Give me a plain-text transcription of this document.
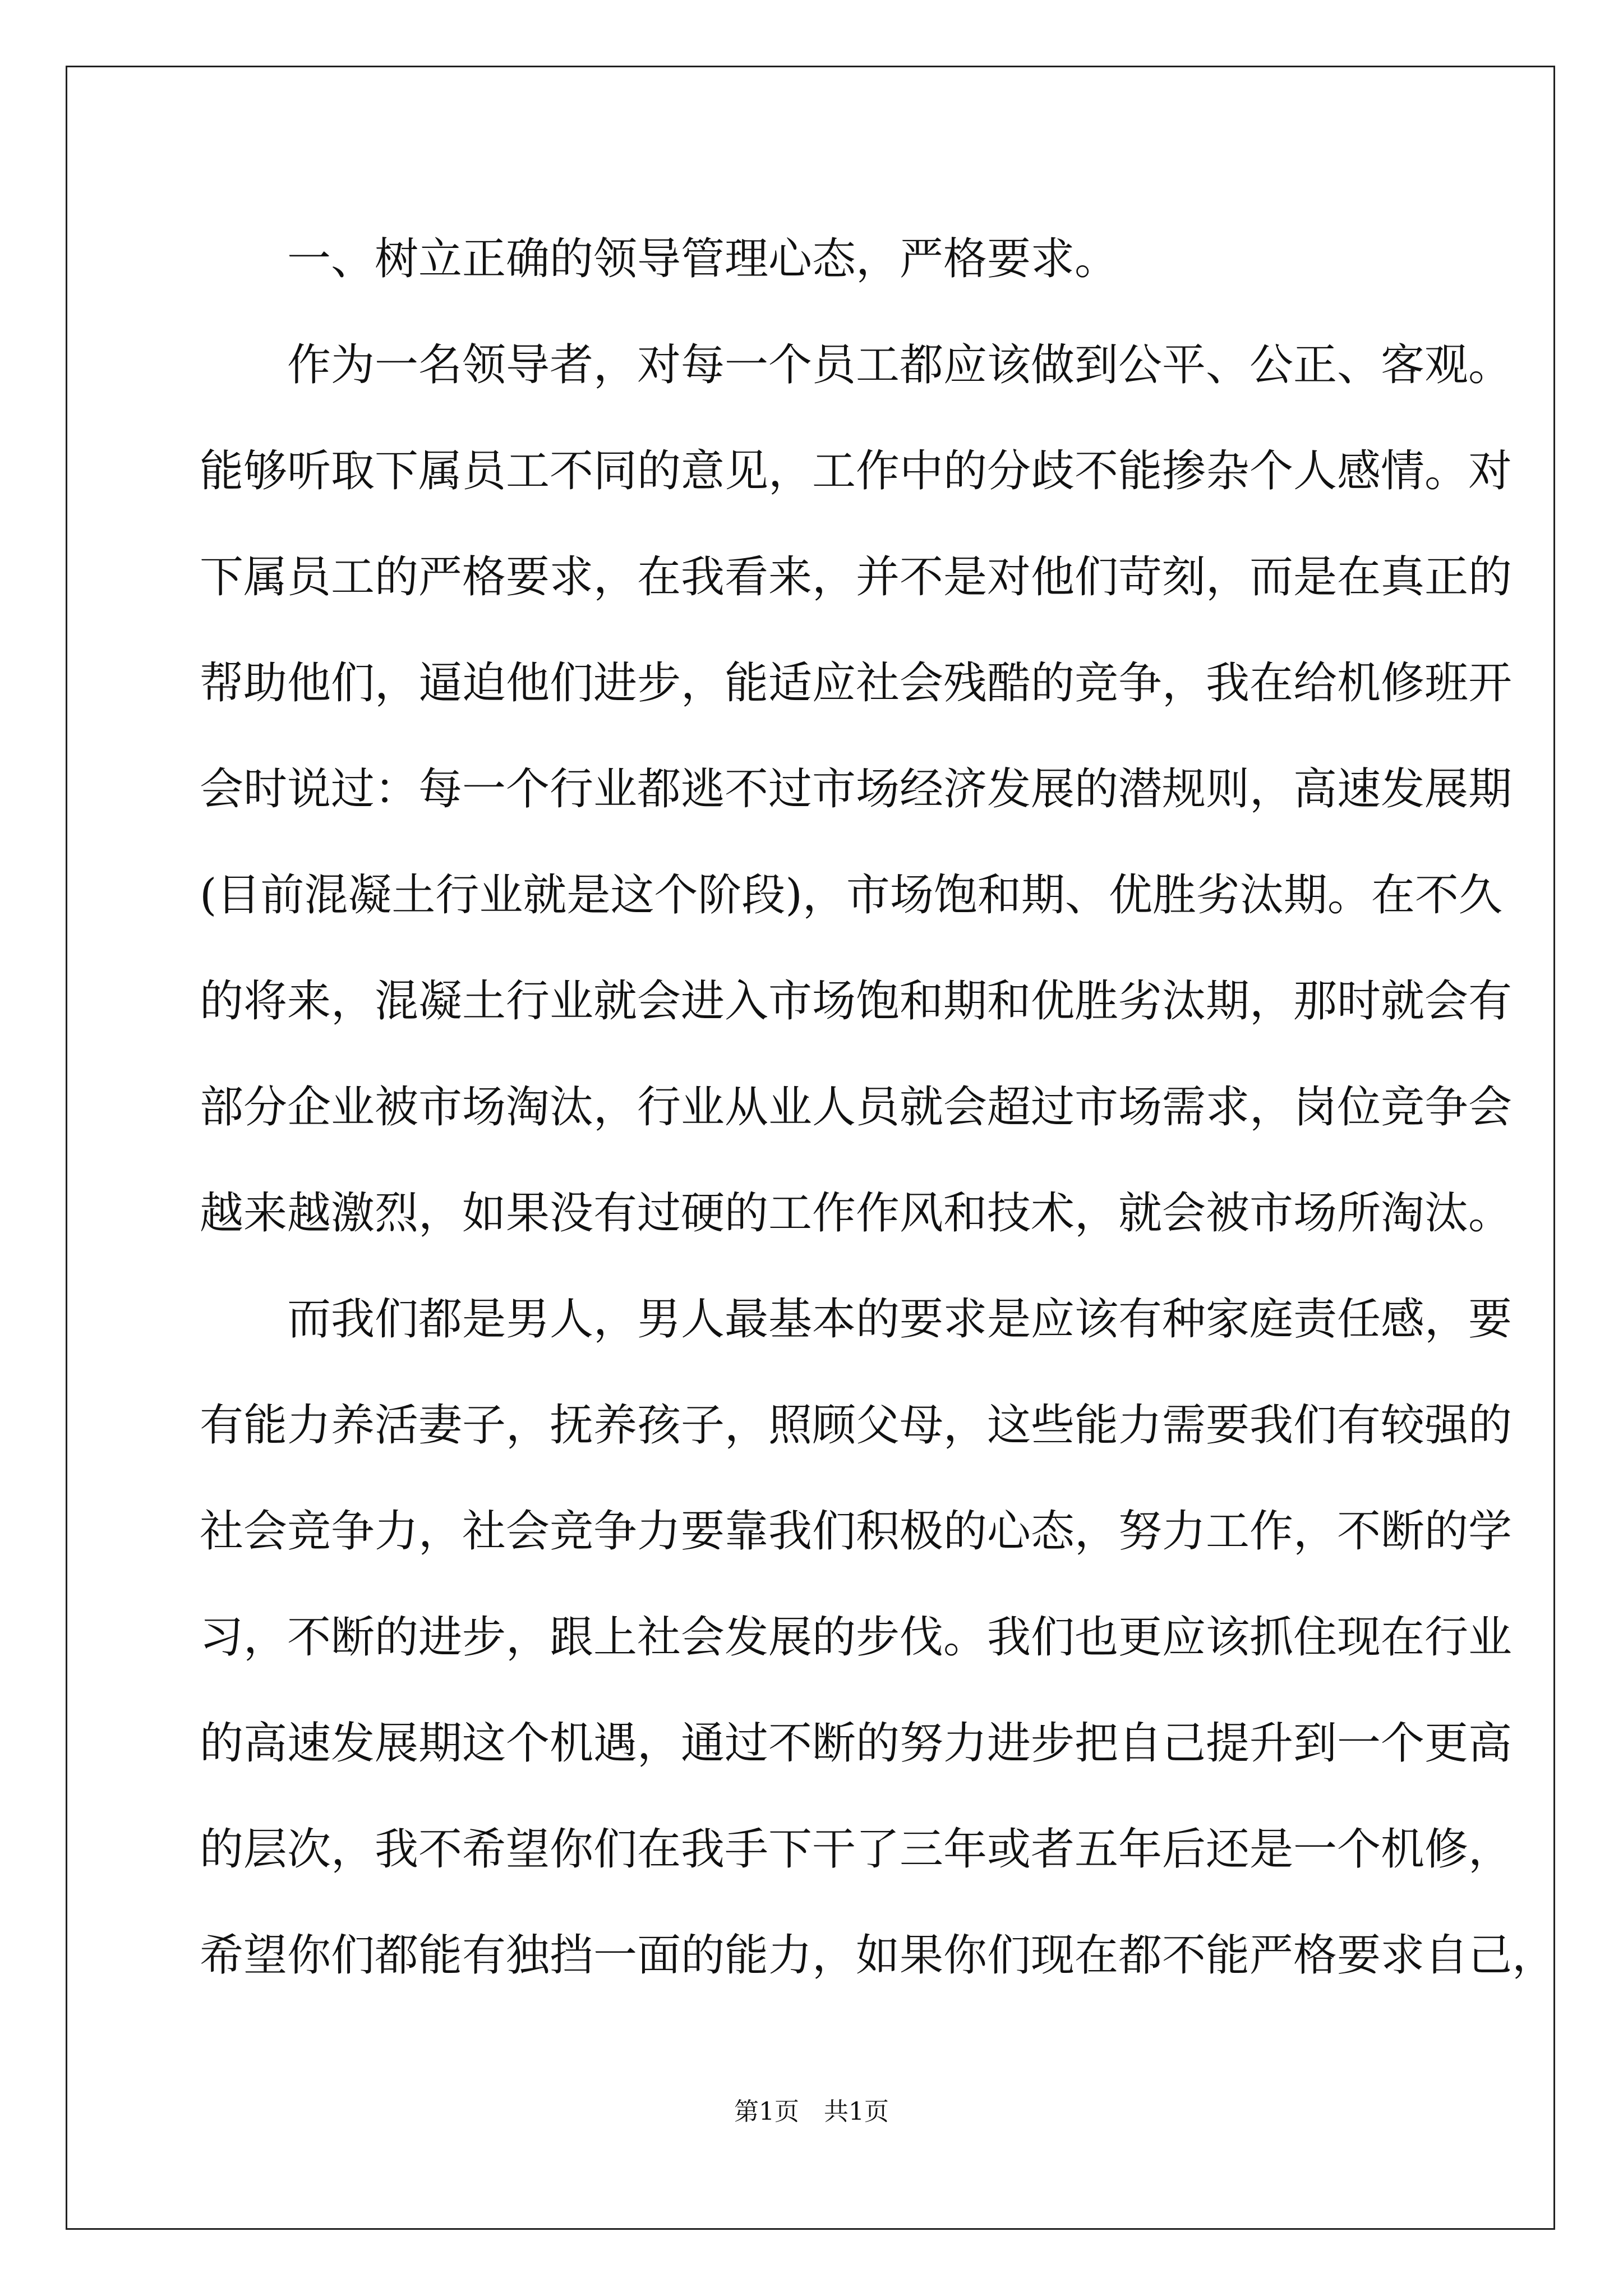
一、树立正确的领导管理心态，严格要求。
作为一名领导者，对每一个员工都应该做到公平、公正、客观。
能够听取下属员工不同的意见，工作中的分歧不能掺杂个人感情。对
下属员工的严格要求，在我看来，并不是对他们苛刻，而是在真正的
帮助他们，逼迫他们进步，能适应社会残酷的竞争，我在给机修班开
会时说过：每一个行业都逃不过市场经济发展的潜规则，高速发展期
(目前混凝土行业就是这个阶段)，市场饱和期、优胜劣汰期。在不久
的将来，混凝土行业就会进入市场饱和期和优胜劣汰期，那时就会有
部分企业被市场淘汰，行业从业人员就会超过市场需求，岗位竞争会
越来越激烈，如果没有过硬的工作作风和技术，就会被市场所淘汰。
而我们都是男人，男人最基本的要求是应该有种家庭责任感，要
有能力养活妻子，抚养孩子，照顾父母，这些能力需要我们有较强的
社会竞争力，社会竞争力要靠我们积极的心态，努力工作，不断的学
习，不断的进步，跟上社会发展的步伐。我们也更应该抓住现在行业
的高速发展期这个机遇，通过不断的努力进步把自己提升到一个更高
的层次，我不希望你们在我手下干了三年或者五年后还是一个机修，
希望你们都能有独挡一面的能力，如果你们现在都不能严格要求自己，
第1页　共1页
